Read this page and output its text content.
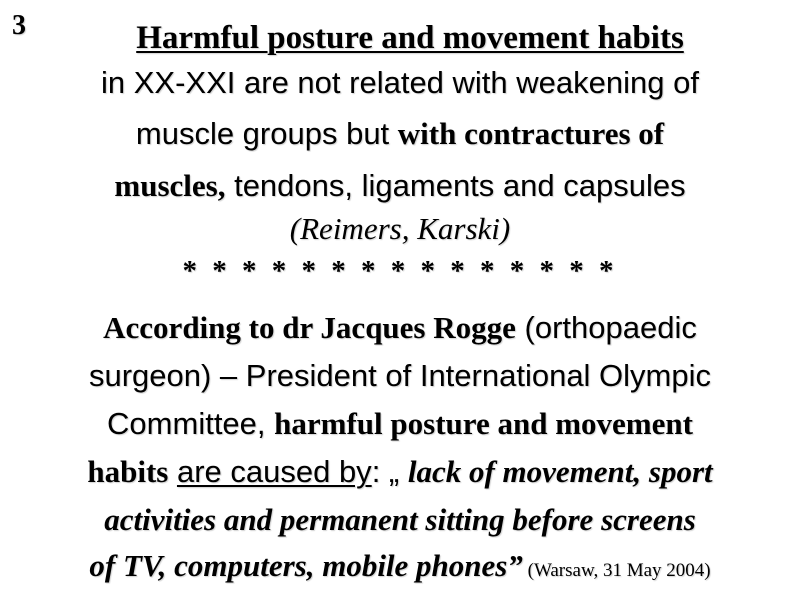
3	Harmful posture and movement habits
in XX-XXI are not related with weakening of
muscle groups but with contractures of
muscles, tendons, ligaments and capsules
(Reimers, Karski)
* * * * * * * * * * * * * * *
According to dr Jacques Rogge (orthopaedic
surgeon) – President of International Olympic
Committee, harmful posture and movement
habits are caused by: „ lack of movement, sport
activities and permanent sitting before screens
of TV, computers, mobile phones” (Warsaw, 31 May 2004)
